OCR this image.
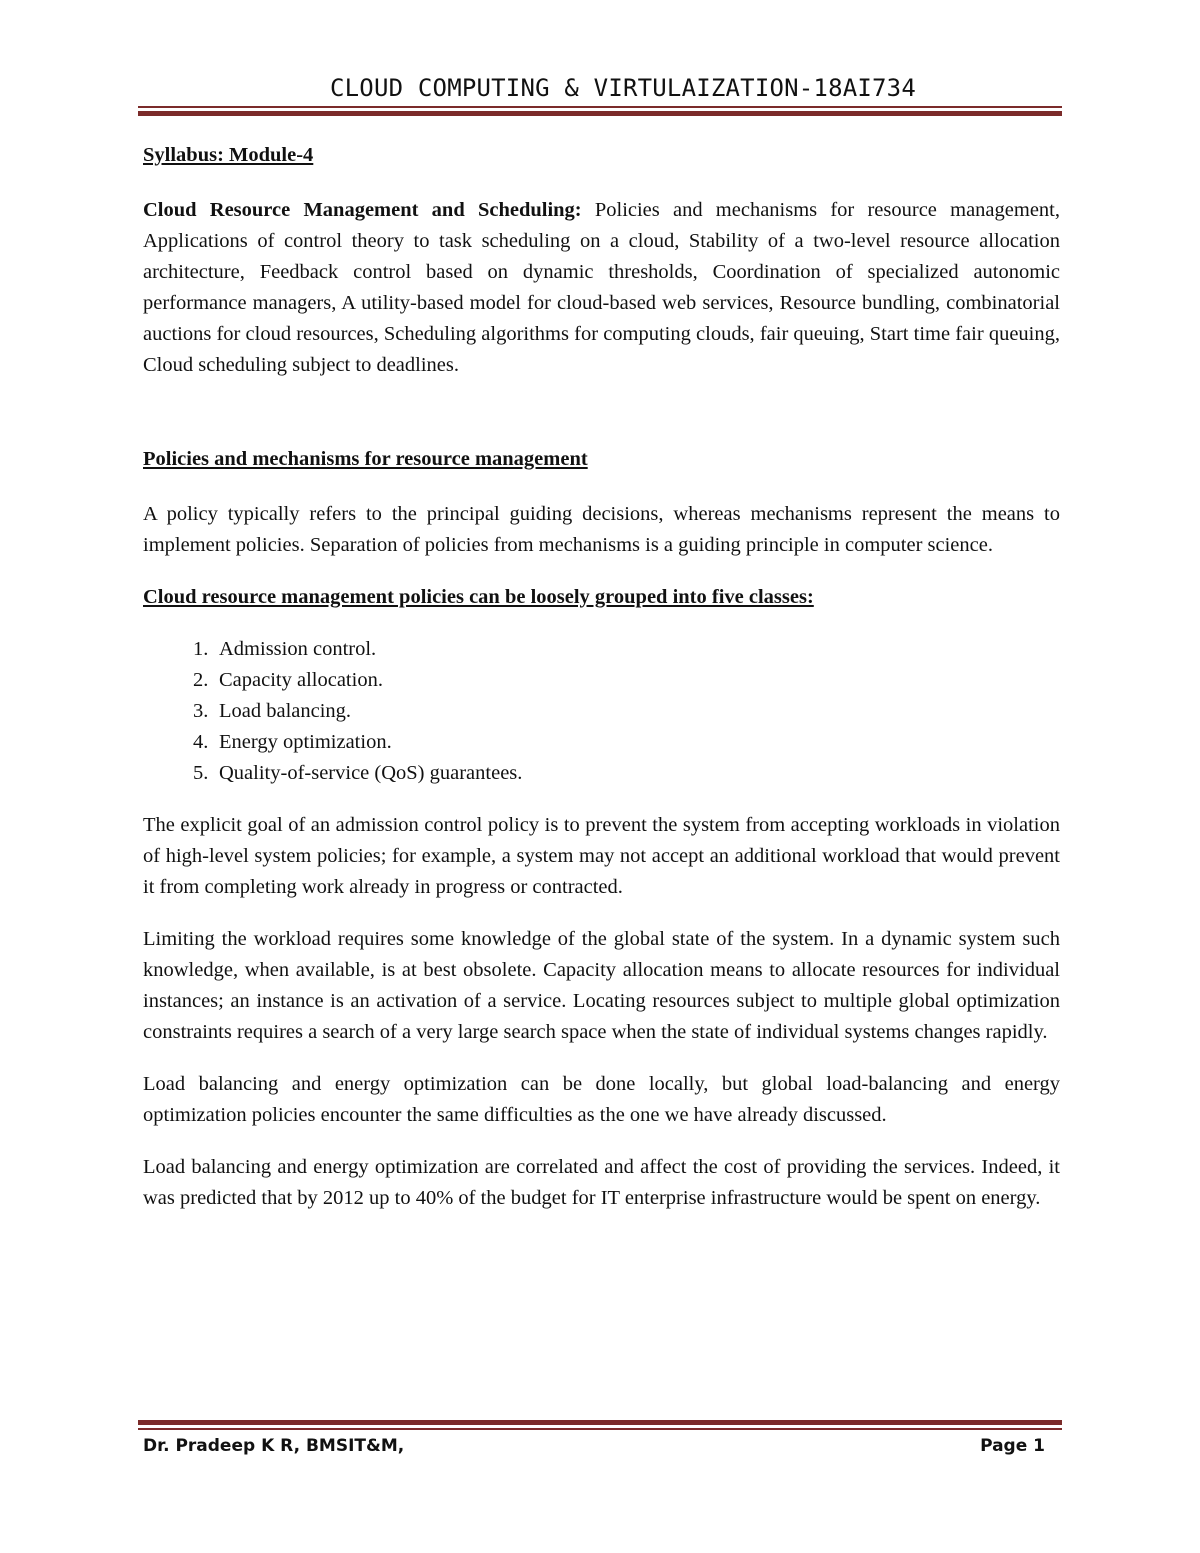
CLOUD COMPUTING & VIRTULAIZATION-18AI734

Syllabus: Module-4

Cloud Resource Management and Scheduling: Policies and mechanisms for resource management, Applications of control theory to task scheduling on a cloud, Stability of a two-level resource allocation architecture, Feedback control based on dynamic thresholds, Coordination of specialized autonomic performance managers, A utility-based model for cloud-based web services, Resource bundling, combinatorial auctions for cloud resources, Scheduling algorithms for computing clouds, fair queuing, Start time fair queuing, Cloud scheduling subject to deadlines.

Policies and mechanisms for resource management

A policy typically refers to the principal guiding decisions, whereas mechanisms represent the means to implement policies. Separation of policies from mechanisms is a guiding principle in computer science.

Cloud resource management policies can be loosely grouped into five classes:

1. Admission control.
2. Capacity allocation.
3. Load balancing.
4. Energy optimization.
5. Quality-of-service (QoS) guarantees.

The explicit goal of an admission control policy is to prevent the system from accepting workloads in violation of high-level system policies; for example, a system may not accept an additional workload that would prevent it from completing work already in progress or contracted.

Limiting the workload requires some knowledge of the global state of the system. In a dynamic system such knowledge, when available, is at best obsolete. Capacity allocation means to allocate resources for individual instances; an instance is an activation of a service. Locating resources subject to multiple global optimization constraints requires a search of a very large search space when the state of individual systems changes rapidly.

Load balancing and energy optimization can be done locally, but global load-balancing and energy optimization policies encounter the same difficulties as the one we have already discussed.

Load balancing and energy optimization are correlated and affect the cost of providing the services. Indeed, it was predicted that by 2012 up to 40% of the budget for IT enterprise infrastructure would be spent on energy.

Dr. Pradeep K R, BMSIT&M,	Page 1
